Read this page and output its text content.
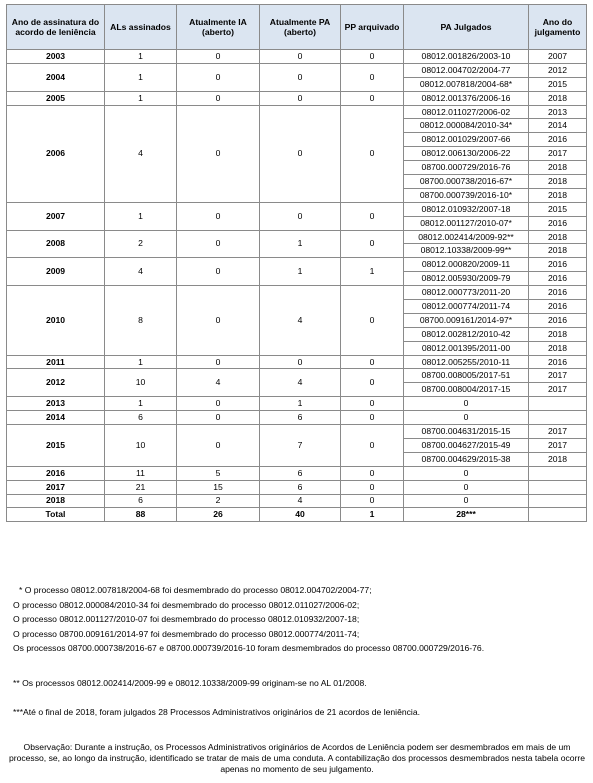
Ano de assinatura do acordo de leniência	ALs assinados	Atualmente IA (aberto)	Atualmente PA (aberto)	PP arquivado	PA Julgados	Ano do julgamento
2003	1	0	0	0	08012.001826/2003-10	2007
2004	1	0	0	0	08012.004702/2004-77	2012
					08012.007818/2004-68*	2015
2005	1	0	0	0	08012.001376/2006-16	2018
2006	4	0	0	0	08012.011027/2006-02	2013
					08012.000084/2010-34*	2014
					08012.001029/2007-66	2016
					08012.006130/2006-22	2017
					08700.000729/2016-76	2018
					08700.000738/2016-67*	2018
					08700.000739/2016-10*	2018
2007	1	0	0	0	08012.010932/2007-18	2015
					08012.001127/2010-07*	2016
2008	2	0	1	0	08012.002414/2009-92**	2018
					08012.10338/2009-99**	2018
2009	4	0	1	1	08012.000820/2009-11	2016
					08012.005930/2009-79	2016
2010	8	0	4	0	08012.000773/2011-20	2016
					08012.000774/2011-74	2016
					08700.009161/2014-97*	2016
					08012.002812/2010-42	2018
					08012.001395/2011-00	2018
2011	1	0	0	0	08012.005255/2010-11	2016
2012	10	4	4	0	08700.008005/2017-51	2017
					08700.008004/2017-15	2017
2013	1	0	1	0	0	
2014	6	0	6	0	0	
2015	10	0	7	0	08700.004631/2015-15	2017
					08700.004627/2015-49	2017
					08700.004629/2015-38	2018
2016	11	5	6	0	0	
2017	21	15	6	0	0	
2018	6	2	4	0	0	
Total	88	26	40	1	28***	

* O processo 08012.007818/2004-68 foi desmembrado do processo 08012.004702/2004-77;

O processo 08012.000084/2010-34 foi desmembrado do processo 08012.011027/2006-02;

O processo 08012.001127/2010-07 foi desmembrado do processo 08012.010932/2007-18;

O processo 08700.009161/2014-97 foi desmembrado do processo 08012.000774/2011-74;

Os processos 08700.000738/2016-67 e 08700.000739/2016-10 foram desmembrados do processo 08700.000729/2016-76.

** Os processos 08012.002414/2009-99 e 08012.10338/2009-99 originam-se no AL 01/2008.

***Até o final de 2018, foram julgados 28 Processos Administrativos originários de 21 acordos de leniência.

Observação: Durante a instrução, os Processos Administrativos originários de Acordos de Leniência podem ser desmembrados em mais de um processo, se, ao longo da instrução, identificado se tratar de mais de uma conduta. A contabilização dos processos desmembrados nesta tabela ocorre apenas no momento de seu julgamento.
